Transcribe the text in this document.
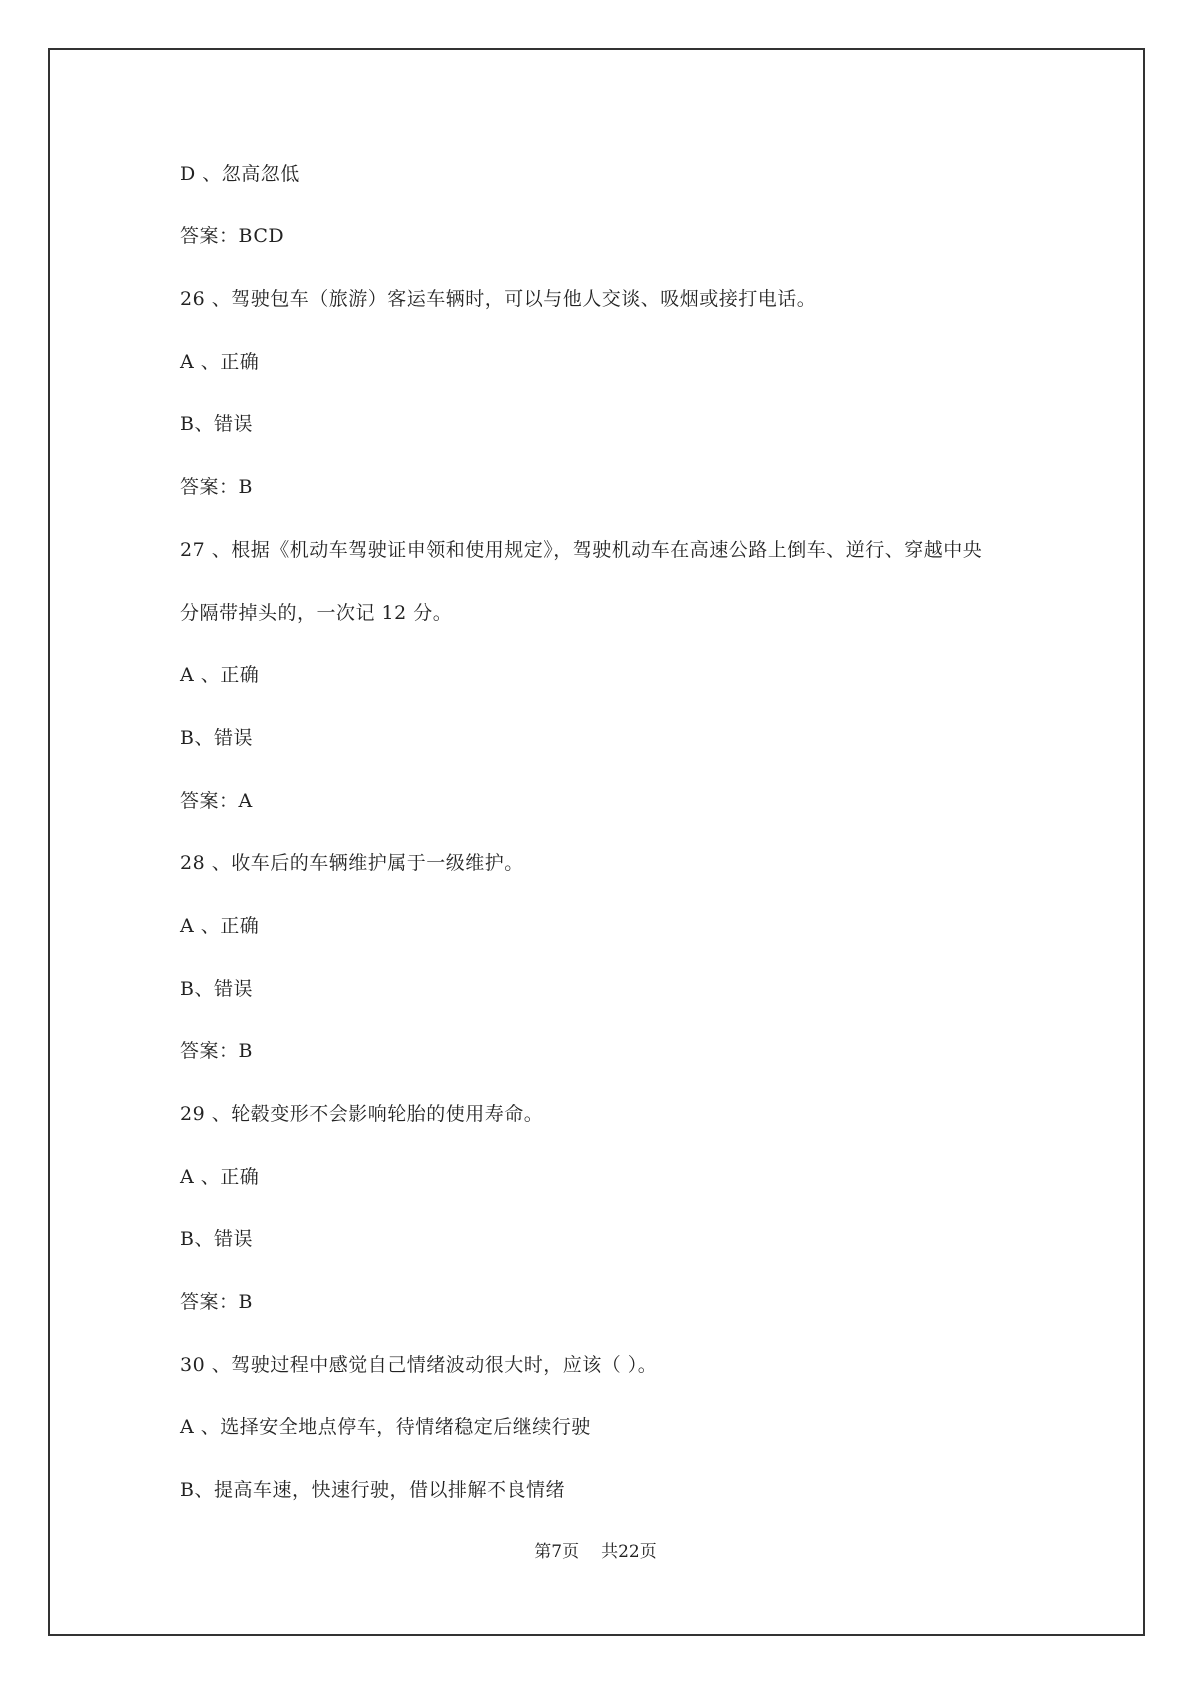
D 、忽高忽低
答案：BCD
26 、驾驶包车（旅游）客运车辆时，可以与他人交谈、吸烟或接打电话。
A 、正确
B、错误
答案：B
27 、根据《机动车驾驶证申领和使用规定》，驾驶机动车在高速公路上倒车、逆行、穿越中央
分隔带掉头的，一次记 12 分。
A 、正确
B、错误
答案：A
28 、收车后的车辆维护属于一级维护。
A 、正确
B、错误
答案：B
29 、轮毂变形不会影响轮胎的使用寿命。
A 、正确
B、错误
答案：B
30 、驾驶过程中感觉自己情绪波动很大时，应该（ ）。
A 、选择安全地点停车，待情绪稳定后继续行驶
B、提高车速，快速行驶，借以排解不良情绪
第7页 共22页
